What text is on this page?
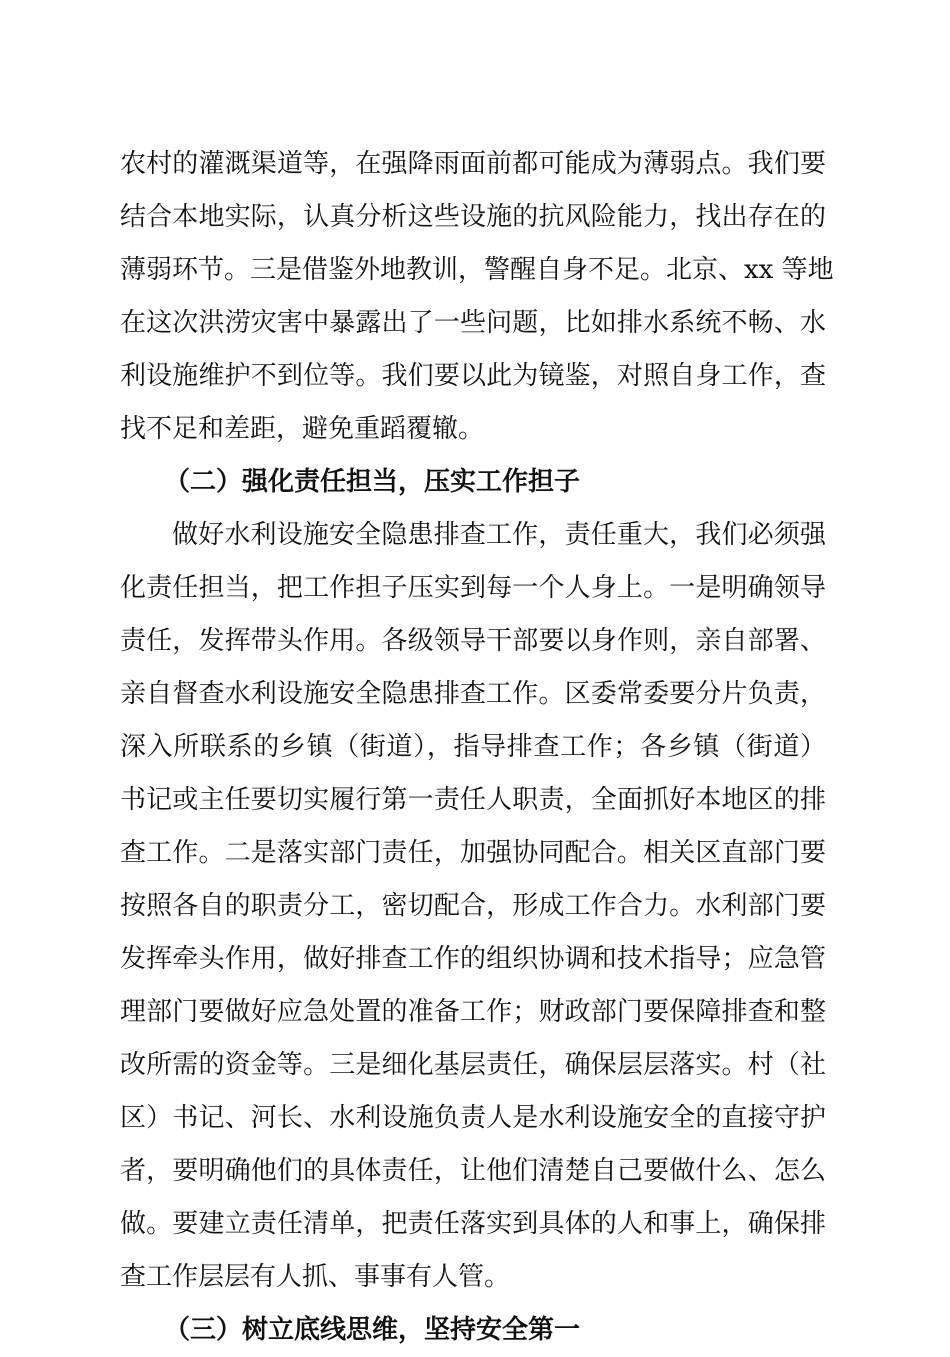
农村的灌溉渠道等，在强降雨面前都可能成为薄弱点。我们要
结合本地实际，认真分析这些设施的抗风险能力，找出存在的
薄弱环节。三是借鉴外地教训，警醒自身不足。北京、xx 等地
在这次洪涝灾害中暴露出了一些问题，比如排水系统不畅、水
利设施维护不到位等。我们要以此为镜鉴，对照自身工作，查
找不足和差距，避免重蹈覆辙。
（二）强化责任担当，压实工作担子
做好水利设施安全隐患排查工作，责任重大，我们必须强
化责任担当，把工作担子压实到每一个人身上。一是明确领导
责任，发挥带头作用。各级领导干部要以身作则，亲自部署、
亲自督查水利设施安全隐患排查工作。区委常委要分片负责，
深入所联系的乡镇（街道），指导排查工作；各乡镇（街道）
书记或主任要切实履行第一责任人职责，全面抓好本地区的排
查工作。二是落实部门责任，加强协同配合。相关区直部门要
按照各自的职责分工，密切配合，形成工作合力。水利部门要
发挥牵头作用，做好排查工作的组织协调和技术指导；应急管
理部门要做好应急处置的准备工作；财政部门要保障排查和整
改所需的资金等。三是细化基层责任，确保层层落实。村（社
区）书记、河长、水利设施负责人是水利设施安全的直接守护
者，要明确他们的具体责任，让他们清楚自己要做什么、怎么
做。要建立责任清单，把责任落实到具体的人和事上，确保排
查工作层层有人抓、事事有人管。
（三）树立底线思维，坚持安全第一
